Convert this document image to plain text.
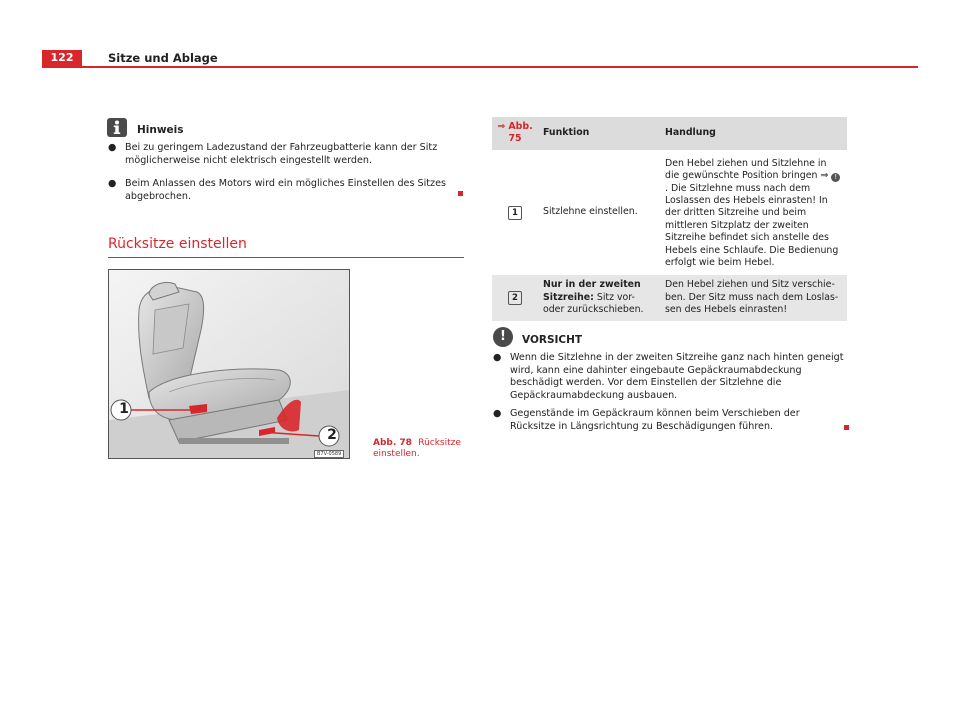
122	Sitze und Ablage
Hinweis
● Bei zu geringem Ladezustand der Fahrzeugbatterie kann der Sitz möglicherweise nicht elektrisch eingestellt werden.
● Beim Anlassen des Motors wird ein mögliches Einstellen des Sitzes abgebrochen.
Rücksitze einstellen
1
2
B7V-0589
Abb. 78 Rücksitze einstellen.
⇒ Abb. 75	Funktion	Handlung
1	Sitzlehne einstellen.	Den Hebel ziehen und Sitzlehne in die gewünschte Position bringen ⇒ !. Die Sitzlehne muss nach dem Loslassen des Hebels einrasten! In der dritten Sitzreihe und beim mittleren Sitzplatz der zweiten Sitzreihe befindet sich anstelle des Hebels eine Schlaufe. Die Bedienung erfolgt wie beim Hebel.
2	Nur in der zweiten Sitzreihe: Sitz vor- oder zurückschieben.	Den Hebel ziehen und Sitz verschieben. Der Sitz muss nach dem Loslassen des Hebels einrasten!
!	VORSICHT
● Wenn die Sitzlehne in der zweiten Sitzreihe ganz nach hinten geneigt wird, kann eine dahinter eingebaute Gepäckraumabdeckung beschädigt werden. Vor dem Einstellen der Sitzlehne die Gepäckraumabdeckung ausbauen.
● Gegenstände im Gepäckraum können beim Verschieben der Rücksitze in Längsrichtung zu Beschädigungen führen.
